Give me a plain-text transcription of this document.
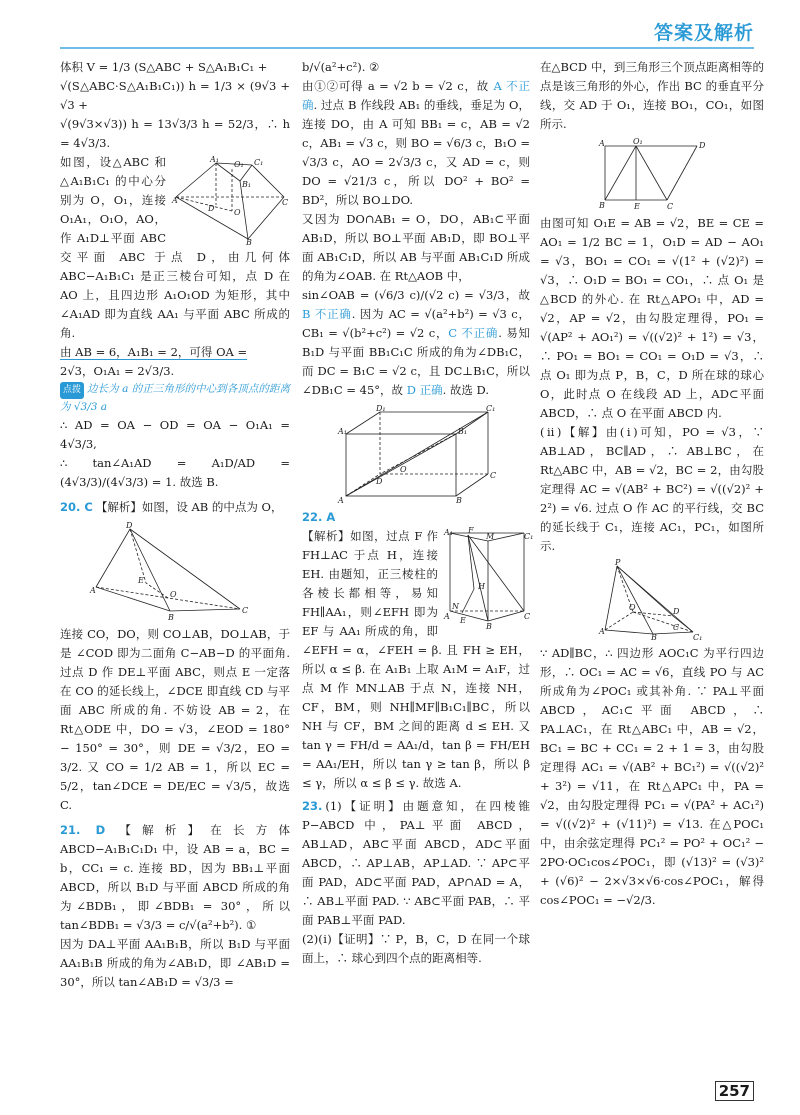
答案及解析

体积 V = 1/3 (S△ABC + S△A₁B₁C₁ +

√(S△ABC·S△A₁B₁C₁)) h = 1/3 × (9√3 + √3 +

√(9√3×√3)) h = 13√3/3 h = 52/3，∴ h = 4√3/3.

A
B
C
A₁	C₁
B₁
O₁
O
D

如图，设△ABC 和△A₁B₁C₁ 的中心分别为 O，O₁，连接 O₁A₁，O₁O，AO，作 A₁D⊥平面 ABC 交平面 ABC 于点 D，由几何体 ABC−A₁B₁C₁ 是正三棱台可知，点 D 在 AO 上，且四边形 A₁O₁OD 为矩形，其中 ∠A₁AD 即为直线 AA₁ 与平面 ABC 所成的角.

由 AB = 6，A₁B₁ = 2，可得 OA =

2√3，O₁A₁ = 2√3/3.

点拨 边长为 a 的正三角形的中心到各顶点的距离为 √3/3 a

∴ AD = OA − OD = OA − O₁A₁ = 4√3/3,

∴ tan∠A₁AD = A₁D/AD = (4√3/3)/(4√3/3) = 1. 故选 B.

20. C 【解析】如图，设 AB 的中点为 O，

D
A
B
C
E
O

连接 CO，DO，则 CO⊥AB，DO⊥AB，于是 ∠COD 即为二面角 C−AB−D 的平面角. 过点 D 作 DE⊥平面 ABC，则点 E 一定落在 CO 的延长线上，∠DCE 即直线 CD 与平面 ABC 所成的角. 不妨设 AB = 2，在 Rt△ODE 中，DO = √3，∠EOD = 180° − 150° = 30°，则 DE = √3/2，EO = 3/2. 又 CO = 1/2 AB = 1，所以 EC = 5/2，tan∠DCE = DE/EC = √3/5，故选 C.

21. D 【解析】在长方体 ABCD−A₁B₁C₁D₁ 中，设 AB = a，BC = b，CC₁ = c. 连接 BD，因为 BB₁⊥平面 ABCD，所以 B₁D 与平面 ABCD 所成的角为∠BDB₁，即∠BDB₁ = 30°，所以 tan∠BDB₁ = √3/3 = c/√(a²+b²). ①

因为 DA⊥平面 AA₁B₁B，所以 B₁D 与平面 AA₁B₁B 所成的角为∠AB₁D，即 ∠AB₁D = 30°，所以 tan∠AB₁D = √3/3 =

b/√(a²+c²). ②

由①②可得 a = √2 b = √2 c，故 A 不正确. 过点 B 作线段 AB₁ 的垂线，垂足为 O，连接 DO，由 A 可知 BB₁ = c，AB = √2 c，AB₁ = √3 c，则 BO = √6/3 c，B₁O = √3/3 c，AO = 2√3/3 c，又 AD = c，则 DO = √21/3 c，所以 DO² + BO² = BD²，所以 BO⊥DO.

又因为 DO∩AB₁ = O，DO，AB₁⊂平面 AB₁D，所以 BO⊥平面 AB₁D，即 BO⊥平面 AB₁C₁D，所以 AB 与平面 AB₁C₁D 所成的角为∠OAB. 在 Rt△AOB 中，

sin∠OAB = (√6/3 c)/(√2 c) = √3/3，故 B 不正确. 因为 AC = √(a²+b²) = √3 c，CB₁ = √(b²+c²) = √2 c，C 不正确. 易知 B₁D 与平面 BB₁C₁C 所成的角为∠DB₁C，而 DC = B₁C = √2 c，且 DC⊥B₁C，所以∠DB₁C = 45°，故 D 正确. 故选 D.

D₁	C₁
A₁	B₁
A	B
C
D
O

22. A

A₁ F
M	C₁
H
A
N
E
B
C

【解析】如图，过点 F 作 FH⊥AC 于点 H，连接 EH. 由题知，正三棱柱的各棱长都相等，易知 FH∥AA₁，则∠EFH 即为 EF 与 AA₁ 所成的角，即 ∠EFH = α，∠FEH = β. 且 FH ≥ EH，所以 α ≤ β. 在 A₁B₁ 上取 A₁M = A₁F，过点 M 作 MN⊥AB 于点 N，连接 NH，CF，BM，则 NH∥MF∥B₁C₁∥BC，所以 NH 与 CF，BM 之间的距离 d ≤ EH. 又 tan γ = FH/d = AA₁/d，tan β = FH/EH = AA₁/EH，所以 tan γ ≥ tan β，所以 β ≤ γ，所以 α ≤ β ≤ γ. 故选 A.

23. (1)【证明】由题意知，在四棱锥 P−ABCD 中，PA⊥平面 ABCD，AB⊥AD，AB⊂平面 ABCD，AD⊂平面 ABCD，∴ AP⊥AB，AP⊥AD. ∵ AP⊂平面 PAD，AD⊂平面 PAD，AP∩AD = A，∴ AB⊥平面 PAD. ∵ AB⊂平面 PAB，∴ 平面 PAB⊥平面 PAD.

(2)(ⅰ)【证明】∵ P，B，C，D 在同一个球面上，∴ 球心到四个点的距离相等.

在△BCD 中，到三角形三个顶点距离相等的点是该三角形的外心，作出 BC 的垂直平分线，交 AD 于 O₁，连接 BO₁，CO₁，如图所示.

A	O₁	D
B	E	C

由图可知 O₁E = AB = √2，BE = CE = AO₁ = 1/2 BC = 1，O₁D = AD − AO₁ = √3，BO₁ = CO₁ = √(1² + (√2)²) = √3，∴ O₁D = BO₁ = CO₁，∴ 点 O₁ 是△BCD 的外心. 在 Rt△APO₁ 中，AD = √2，AP = √2，由勾股定理得，PO₁ = √(AP² + AO₁²) = √((√2)² + 1²) = √3，∴ PO₁ = BO₁ = CO₁ = O₁D = √3，∴ 点 O₁ 即为点 P，B，C，D 所在球的球心 O，此时点 O 在线段 AD 上，AD⊂平面 ABCD，∴ 点 O 在平面 ABCD 内.

(ⅱ)【解】由(ⅰ)可知，PO = √3，∵ AB⊥AD，BC∥AD，∴ AB⊥BC，在 Rt△ABC 中，AB = √2，BC = 2，由勾股定理得 AC = √(AB² + BC²) = √((√2)² + 2²) = √6. 过点 O 作 AC 的平行线，交 BC 的延长线于 C₁，连接 AC₁，PC₁，如图所示.

P
A
B	C₁
D
O
C

∵ AD∥BC，∴ 四边形 AOC₁C 为平行四边形，∴ OC₁ = AC = √6，直线 PO 与 AC 所成角为∠POC₁ 或其补角. ∵ PA⊥平面 ABCD，AC₁⊂平面 ABCD，∴ PA⊥AC₁，在 Rt△ABC₁ 中，AB = √2，BC₁ = BC + CC₁ = 2 + 1 = 3，由勾股定理得 AC₁ = √(AB² + BC₁²) = √((√2)² + 3²) = √11，在 Rt△APC₁ 中，PA = √2，由勾股定理得 PC₁ = √(PA² + AC₁²) = √((√2)² + (√11)²) = √13. 在△POC₁ 中，由余弦定理得 PC₁² = PO² + OC₁² − 2PO·OC₁cos∠POC₁，即 (√13)² = (√3)² + (√6)² − 2×√3×√6·cos∠POC₁，解得 cos∠POC₁ = −√2/3.

257
